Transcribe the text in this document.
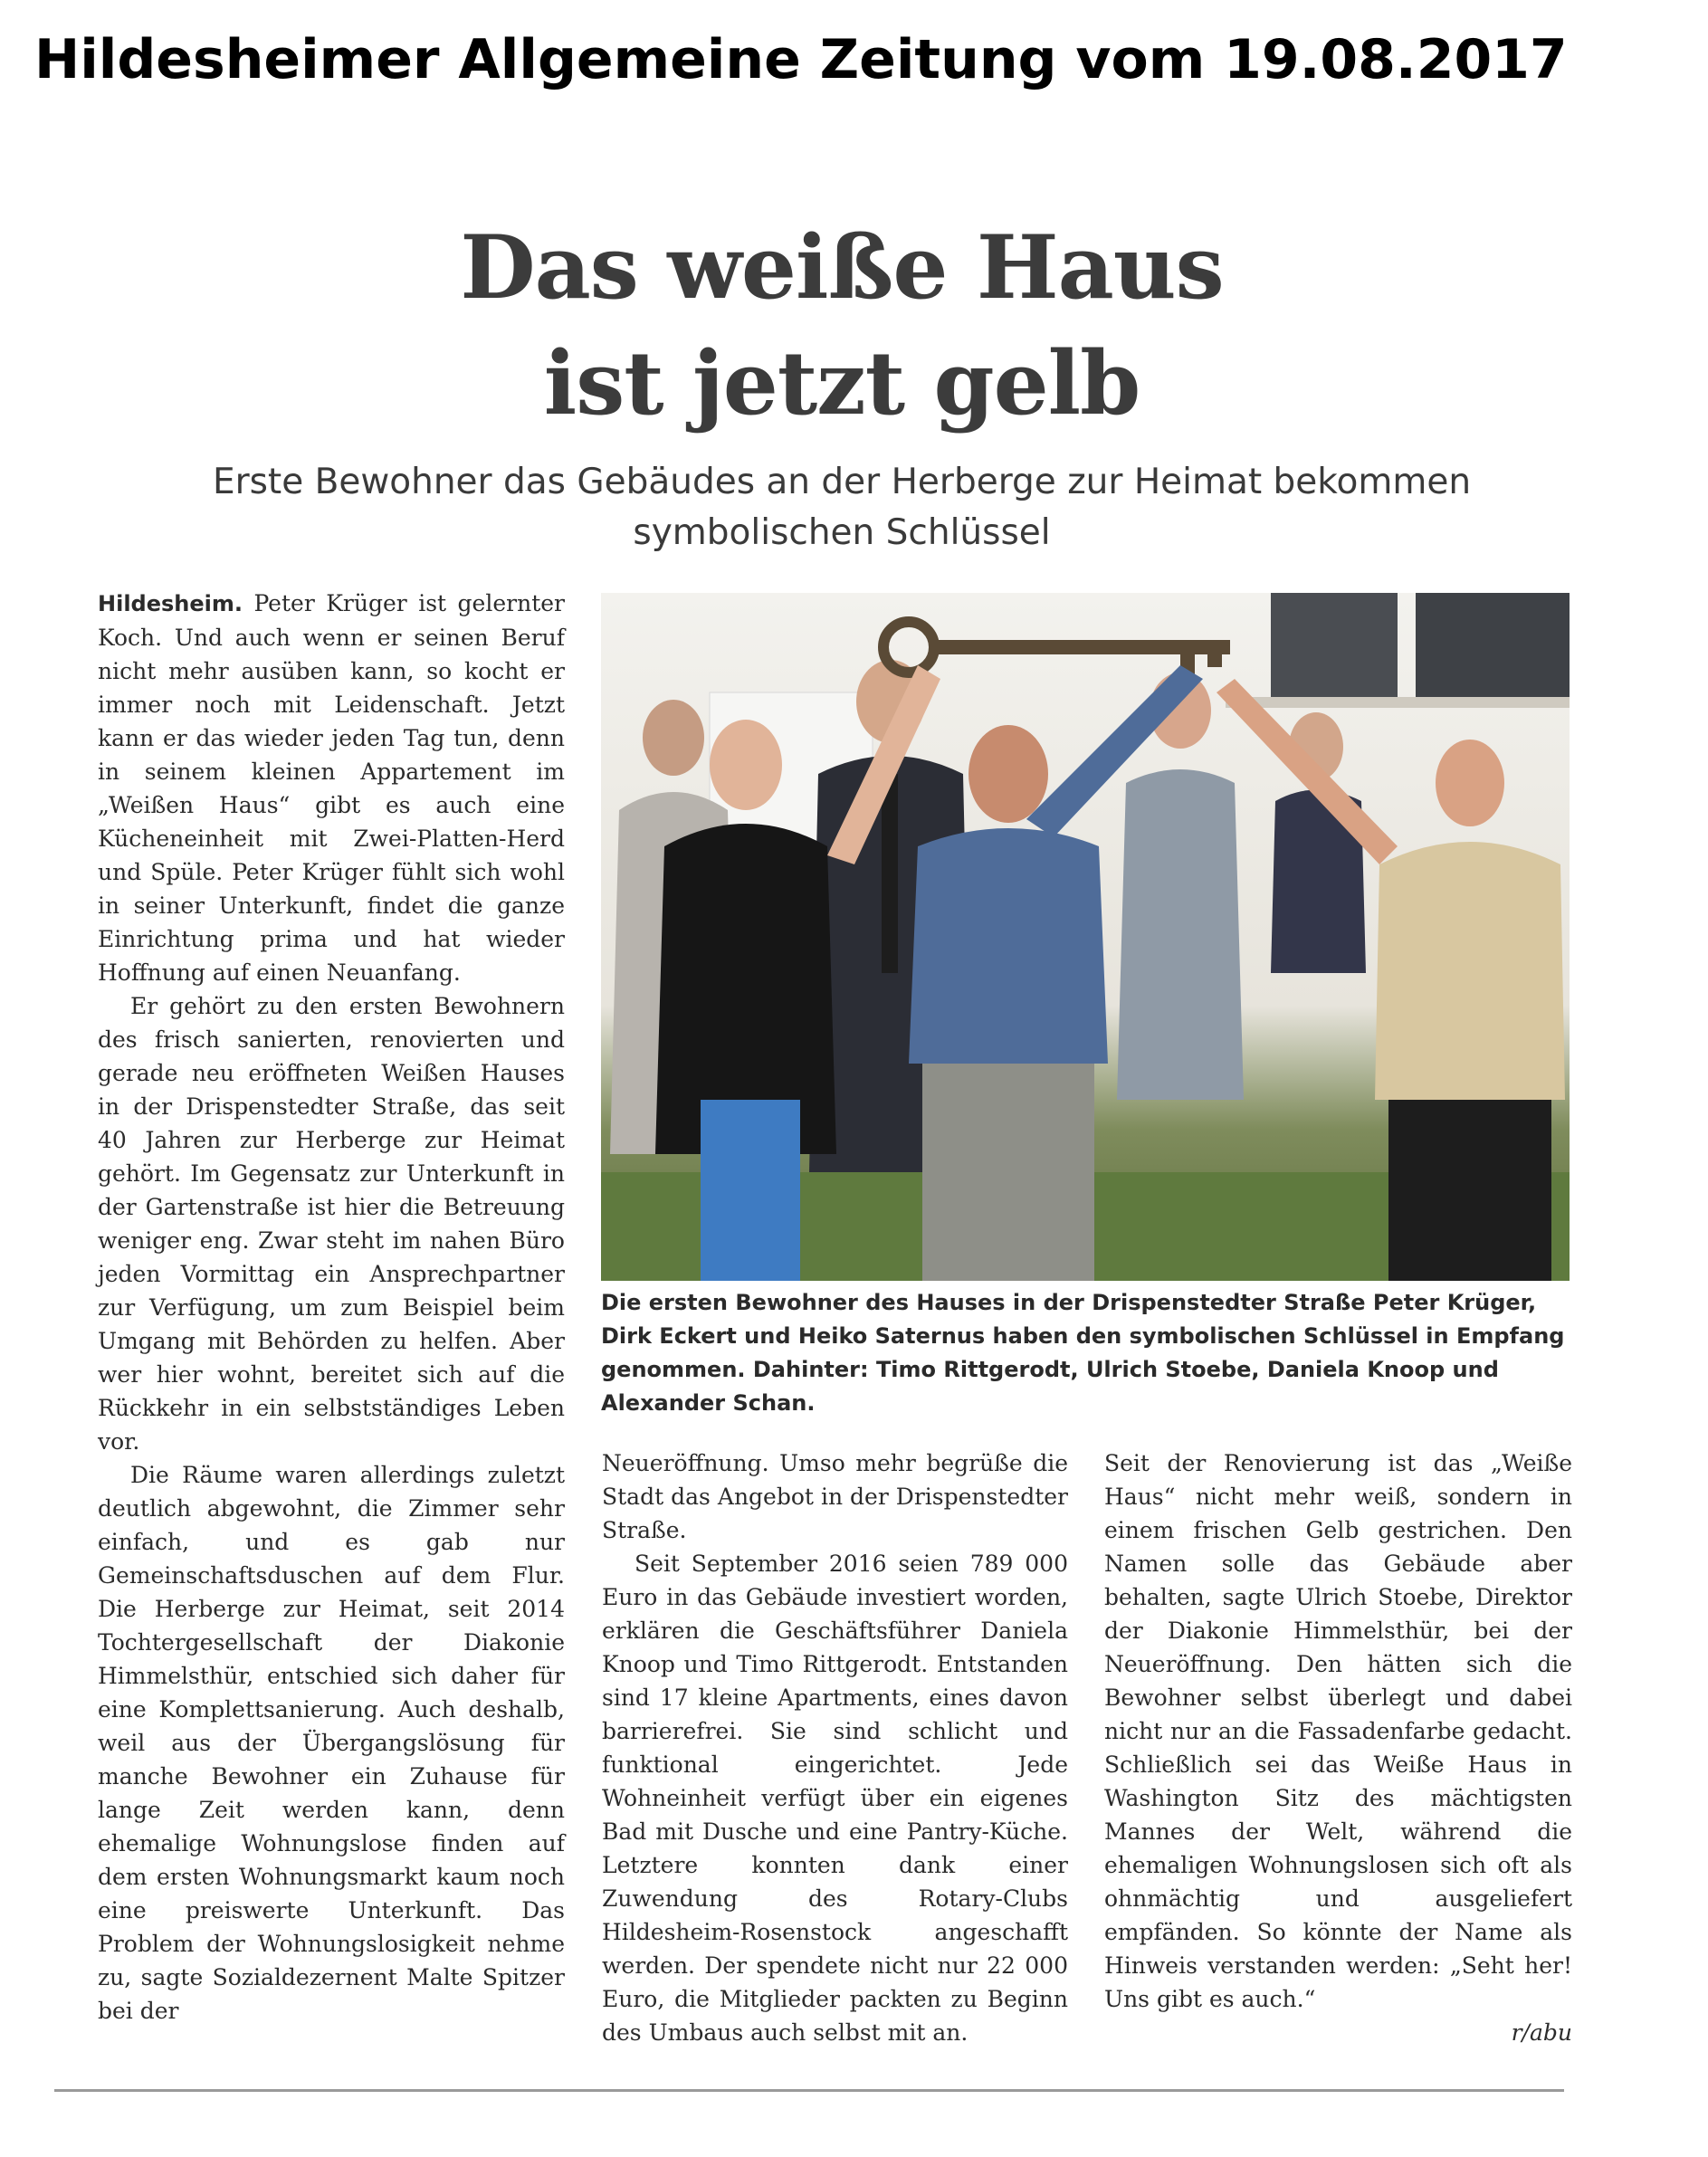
Hildesheimer Allgemeine Zeitung vom 19.08.2017
Das weiße Haus
ist jetzt gelb
Erste Bewohner das Gebäudes an der Herberge zur Heimat bekommen
symbolischen Schlüssel

Hildesheim. Peter Krüger ist gelernter Koch. Und auch wenn er seinen Beruf nicht mehr ausüben kann, so kocht er immer noch mit Leidenschaft. Jetzt kann er das wieder jeden Tag tun, denn in seinem kleinen Appartement im „Weißen Haus“ gibt es auch eine Kücheneinheit mit Zwei-Platten-Herd und Spüle. Peter Krüger fühlt sich wohl in seiner Unterkunft, findet die ganze Einrichtung prima und hat wieder Hoffnung auf einen Neuanfang.

Er gehört zu den ersten Bewohnern des frisch sanierten, renovierten und gerade neu eröffneten Weißen Hauses in der Drispenstedter Straße, das seit 40 Jahren zur Herberge zur Heimat gehört. Im Gegensatz zur Unterkunft in der Gartenstraße ist hier die Betreuung weniger eng. Zwar steht im nahen Büro jeden Vormittag ein Ansprechpartner zur Verfügung, um zum Beispiel beim Umgang mit Behörden zu helfen. Aber wer hier wohnt, bereitet sich auf die Rückkehr in ein selbstständiges Leben vor.

Die Räume waren allerdings zuletzt deutlich abgewohnt, die Zimmer sehr einfach, und es gab nur Gemeinschaftsduschen auf dem Flur. Die Herberge zur Heimat, seit 2014 Tochtergesellschaft der Diakonie Himmelsthür, entschied sich daher für eine Komplettsanierung. Auch deshalb, weil aus der Übergangslösung für manche Bewohner ein Zuhause für lange Zeit werden kann, denn ehemalige Wohnungslose finden auf dem ersten Wohnungsmarkt kaum noch eine preiswerte Unterkunft. Das Problem der Wohnungslosigkeit nehme zu, sagte Sozialdezernent Malte Spitzer bei der

Die ersten Bewohner des Hauses in der Drispenstedter Straße Peter Krüger, Dirk Eckert und Heiko Saternus haben den symbolischen Schlüssel in Empfang genommen. Dahinter: Timo Rittgerodt, Ulrich Stoebe, Daniela Knoop und Alexander Schan.

Neueröffnung. Umso mehr begrüße die Stadt das Angebot in der Drispenstedter Straße.

Seit September 2016 seien 789 000 Euro in das Gebäude investiert worden, erklären die Geschäftsführer Daniela Knoop und Timo Rittgerodt. Entstanden sind 17 kleine Apartments, eines davon barrierefrei. Sie sind schlicht und funktional eingerichtet. Jede Wohneinheit verfügt über ein eigenes Bad mit Dusche und eine Pantry-Küche. Letztere konnten dank einer Zuwendung des Rotary-Clubs Hildesheim-Rosenstock angeschafft werden. Der spendete nicht nur 22 000 Euro, die Mitglieder packten zu Beginn des Umbaus auch selbst mit an.

Seit der Renovierung ist das „Weiße Haus“ nicht mehr weiß, sondern in einem frischen Gelb gestrichen. Den Namen solle das Gebäude aber behalten, sagte Ulrich Stoebe, Direktor der Diakonie Himmelsthür, bei der Neueröffnung. Den hätten sich die Bewohner selbst überlegt und dabei nicht nur an die Fassadenfarbe gedacht. Schließlich sei das Weiße Haus in Washington Sitz des mächtigsten Mannes der Welt, während die ehemaligen Wohnungslosen sich oft als ohnmächtig und ausgeliefert empfänden. So könnte der Name als Hinweis verstanden werden: „Seht her! Uns gibt es auch.“

r/abu
